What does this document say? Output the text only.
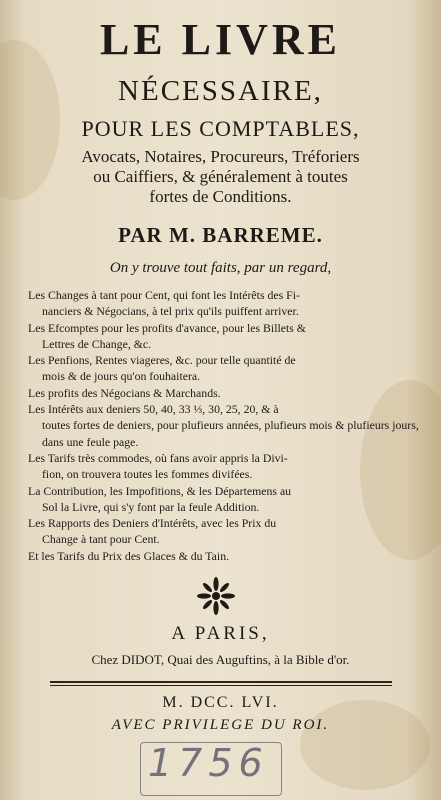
LE LIVRE
NÉCESSAIRE,
POUR LES COMPTABLES,
Avocats, Notaires, Procureurs, Tréforiers
ou Caiffiers, & généralement à toutes
fortes de Conditions.
PAR M. BARREME.
On y trouve tout faits, par un regard,

Les Changes à tant pour Cent, qui font les Intérêts des Fi-
nanciers & Négocians, à tel prix qu'ils puiffent arriver.

Les Efcomptes pour les profits d'avance, pour les Billets &
Lettres de Change, &c.

Les Penfions, Rentes viageres, &c. pour telle quantité de
mois & de jours qu'on fouhaitera.

Les profits des Négocians & Marchands.

Les Intérêts aux deniers 50, 40, 33 ⅓, 30, 25, 20, & à
toutes fortes de deniers, pour plufieurs années, plufieurs mois & plufieurs jours, dans une feule page.

Les Tarifs très commodes, où fans avoir appris la Divi-
fion, on trouvera toutes les fommes divifées.

La Contribution, les Impofitions, & les Départemens au
Sol la Livre, qui s'y font par la feule Addition.

Les Rapports des Deniers d'Intérêts, avec les Prix du
Change à tant pour Cent.

Et les Tarifs du Prix des Glaces & du Tain.

A PARIS,
Chez DIDOT, Quai des Auguftins, à la Bible d'or.
M. DCC. LVI.
AVEC PRIVILEGE DU ROI.
1756
